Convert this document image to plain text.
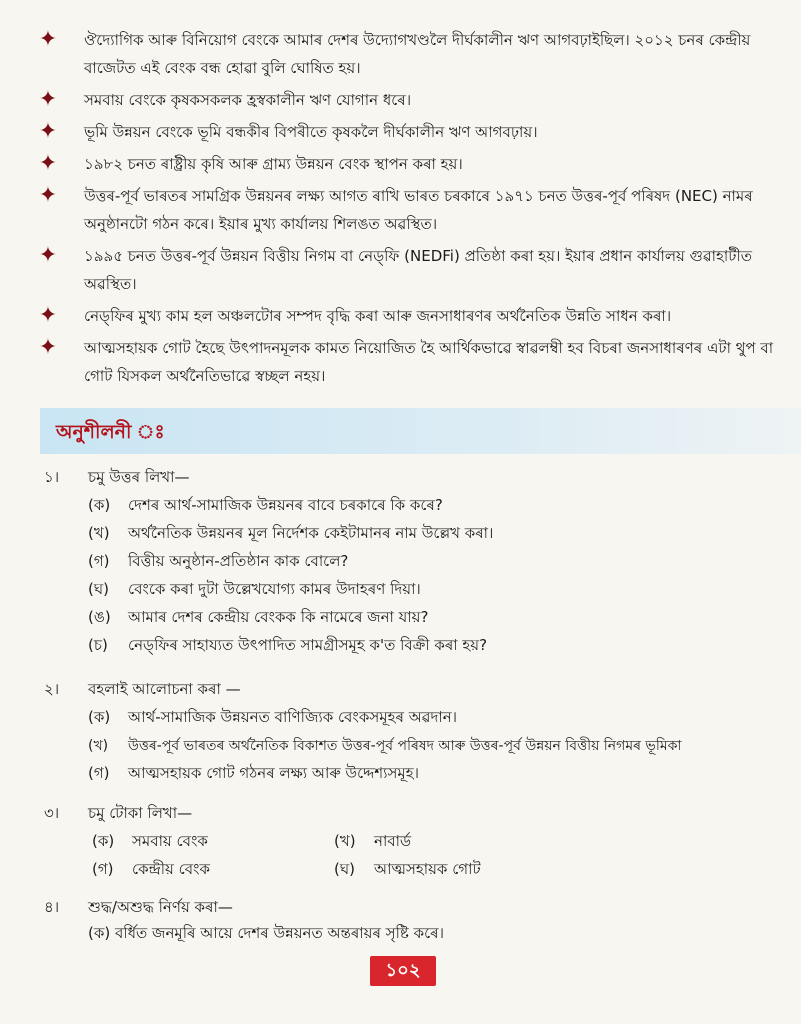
✦ ঔদ্যোগিক আৰু বিনিয়োগ বেংকে আমাৰ দেশৰ উদ্যোগখণ্ডলৈ দীৰ্ঘকালীন ঋণ আগবঢ়াইছিল। ২০১২ চনৰ কেন্দ্ৰীয় বাজেটত এই বেংক বন্ধ হোৱা বুলি ঘোষিত হয়।
✦ সমবায় বেংকে কৃষকসকলক হ্ৰস্বকালীন ঋণ যোগান ধৰে।
✦ ভূমি উন্নয়ন বেংকে ভূমি বন্ধকীৰ বিপৰীতে কৃষকলৈ দীৰ্ঘকালীন ঋণ আগবঢ়ায়।
✦ ১৯৮২ চনত ৰাষ্ট্ৰীয় কৃষি আৰু গ্ৰাম্য উন্নয়ন বেংক স্থাপন কৰা হয়।
✦ উত্তৰ-পূৰ্ব ভাৰতৰ সামগ্ৰিক উন্নয়নৰ লক্ষ্য আগত ৰাখি ভাৰত চৰকাৰে ১৯৭১ চনত উত্তৰ-পূৰ্ব পৰিষদ (NEC) নামৰ অনুষ্ঠানটো গঠন কৰে। ইয়াৰ মুখ্য কাৰ্যালয় শিলঙত অৱস্থিত।
✦ ১৯৯৫ চনত উত্তৰ-পূৰ্ব উন্নয়ন বিত্তীয় নিগম বা নেড্‌ফি (NEDFi) প্ৰতিষ্ঠা কৰা হয়। ইয়াৰ প্ৰধান কাৰ্যালয় গুৱাহাটীত অৱস্থিত।
✦ নেড্‌ফিৰ মুখ্য কাম হল অঞ্চলটোৰ সম্পদ বৃদ্ধি কৰা আৰু জনসাধাৰণৰ অৰ্থনৈতিক উন্নতি সাধন কৰা।
✦ আত্মসহায়ক গোট হৈছে উৎপাদনমূলক কামত নিয়োজিত হৈ আৰ্থিকভাৱে স্বাৱলম্বী হব বিচৰা জনসাধাৰণৰ এটা থুপ বা গোট যিসকল অৰ্থনৈতিভাৱে স্বচ্ছল নহয়।
অনুশীলনী ঃ
১। চমু উত্তৰ লিখা—
(ক) দেশৰ আৰ্থ-সামাজিক উন্নয়নৰ বাবে চৰকাৰে কি কৰে?
(খ) অৰ্থনৈতিক উন্নয়নৰ মূল নিৰ্দেশক কেইটামানৰ নাম উল্লেখ কৰা।
(গ) বিত্তীয় অনুষ্ঠান-প্ৰতিষ্ঠান কাক বোলে?
(ঘ) বেংকে কৰা দুটা উল্লেখযোগ্য কামৰ উদাহৰণ দিয়া।
(ঙ) আমাৰ দেশৰ কেন্দ্ৰীয় বেংকক কি নামেৰে জনা যায়?
(চ) নেড্‌ফিৰ সাহায্যত উৎপাদিত সামগ্ৰীসমূহ ক'ত বিক্ৰী কৰা হয়?
২। বহলাই আলোচনা কৰা —
(ক) আৰ্থ-সামাজিক উন্নয়নত বাণিজ্যিক বেংকসমূহৰ অৱদান।
(খ) উত্তৰ-পূৰ্ব ভাৰতৰ অৰ্থনৈতিক বিকাশত উত্তৰ-পূৰ্ব পৰিষদ আৰু উত্তৰ-পূৰ্ব উন্নয়ন বিত্তীয় নিগমৰ ভূমিকা
(গ) আত্মসহায়ক গোট গঠনৰ লক্ষ্য আৰু উদ্দেশ্যসমূহ।
৩। চমু টোকা লিখা—
(ক) সমবায় বেংক	(খ) নাবাৰ্ড
(গ) কেন্দ্ৰীয় বেংক	(ঘ) আত্মসহায়ক গোট
৪। শুদ্ধ/অশুদ্ধ নিৰ্ণয় কৰা—
(ক) বৰ্ধিত জনমূৰি আয়ে দেশৰ উন্নয়নত অন্তৰায়ৰ সৃষ্টি কৰে।
১০২
